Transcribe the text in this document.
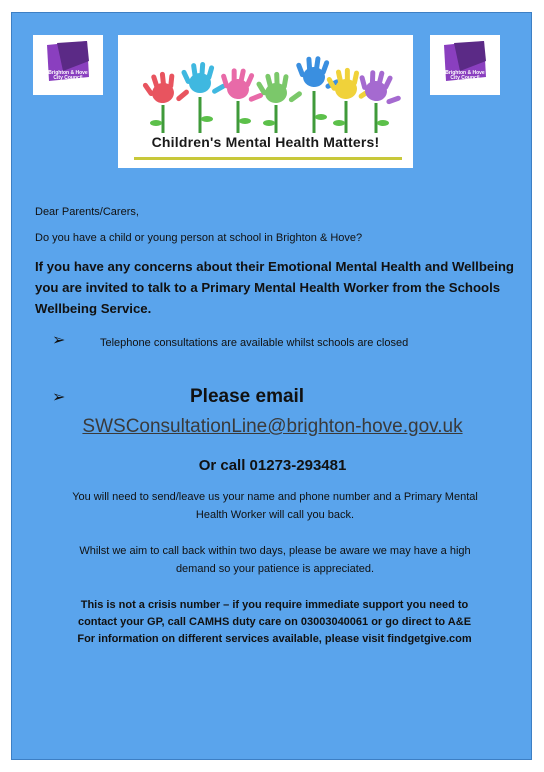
Brighton & Hove City Council
Children's Mental Health Matters!
Brighton & Hove City Council
Dear Parents/Carers,
Do you have a child or young person at school in Brighton & Hove?
If you have any concerns about their Emotional Mental Health and Wellbeing you are invited to talk to a Primary Mental Health Worker from the Schools Wellbeing Service.
➢	Telephone consultations are available whilst schools are closed
➢	Please email
SWSConsultationLine@brighton-hove.gov.uk
Or call 01273-293481
You will need to send/leave us your name and phone number and a Primary Mental Health Worker will call you back.
Whilst we aim to call back within two days, please be aware we may have a high demand so your patience is appreciated.
This is not a crisis number – if you require immediate support you need to contact your GP, call CAMHS duty care on 03003040061 or go direct to A&E
For information on different services available, please visit findgetgive.com
